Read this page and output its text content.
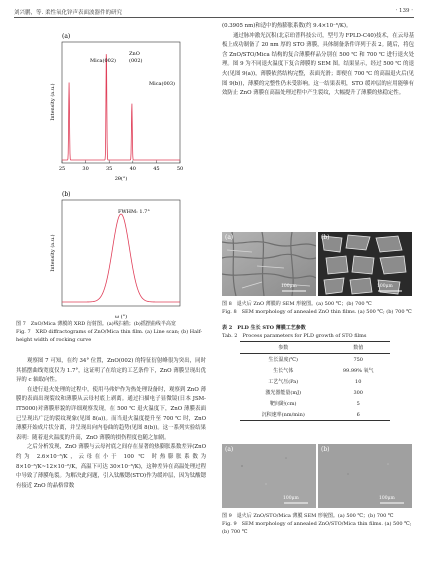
刘兴鹏，等. 柔性氧化锌声表面波器件的研究	· 139 ·
(a)
Mica(002)
ZnO
(002)
Mica(003)
25	30	35	40	45	50
2θ(°)
Intensity (a.u.)
(b)
FWHM: 1.7°
ω (°)
Intensity (a.u.)

图 7　ZnO/Mica 薄膜的 XRD 衍射图。(a)线扫描；(b)摇摆曲线半高宽

Fig. 7　XRD diffractograms of ZnO/Mica thin film. (a) Line scan; (b) Half-height width of rocking curve

观察图 7 可知，在约 34° 位置，ZnO(002) 的特征衍射峰很为突出，同时其摇摆曲线宽度仅为 1.7°，这证明了在给定的工艺条件下，ZnO 薄膜呈现出优异的 c 轴取向性。

在进行退火处理的过程中，使用马弗炉作为热处理设备时，观察到 ZnO 薄膜的表面出现裂纹和薄膜从云母衬底上剥离。通过扫描电子显微镜(日本 JSM-IT5000)对薄膜形貌的详细观察发现，在 500 ℃ 退火温度下，ZnO 薄膜表面已呈现出广泛的裂纹现象(见图 8(a))。而当退火温度提升至 700 ℃ 时，ZnO 薄膜开始成片状分离，并呈现出向内卷曲的趋势(见图 8(b))。这一系列实验结果表明：随着退火温度的升高，ZnO 薄膜的損伤程度也随之加剧。

之后分析发现，ZnO 薄膜与云母衬底之间存在显著的热膨胀系数差异(ZnO 约为 2.6×10⁻⁶/K，云母在小于 100 ℃ 时热膨胀系数为 8×10⁻⁶/K~12×10⁻⁶/K，高温下可达 30×10⁻⁶/K)，这种差异在高温处理过程中导致了薄膜龟裂。为解决此问题，引入钛酸锶(STO)作为缓冲层，因为钛酸锶有接近 ZnO 的晶格常数

(0.3905 nm)和适中的热膨胀系数(约 9.4×10⁻⁶/K)。

通过脉冲激光沉积(北京珀普科技公司，型号为 FPLD-C40)技术，在云母基板上成功制备了 20 nm 厚的 STO 薄膜，具体制备条件详列于表 2。随后，将包含 ZnO/STO/Mica 结构的复合薄膜样品分别在 500 ℃ 和 700 ℃ 进行退火处理。图 9 为不同退火温度下复合薄膜的 SEM 图。结果显示，经过 500 ℃ 的退火(见图 9(a))，薄膜依然结构完整，表面光滑；即便在 700 ℃ 的高温退火后(见图 9(b))，薄膜的完整性仍未受影响。这一结果表明，STO 缓冲层的应用能够有效防止 ZnO 薄膜在高温处理过程中产生裂纹，大幅提升了薄膜的热稳定性。

(a)
100μm
(b)
100μm

图 8　退火后 ZnO 薄膜的 SEM 形貌图。(a) 500 ℃；(b) 700 ℃

Fig. 8　SEM morphology of annealed ZnO thin films. (a) 500 ℃; (b) 700 ℃

表 2　PLD 生长 STO 薄膜工艺参数

Tab. 2　Process parameters for PLD growth of STO films

参数	数值
生长温度(℃)	750
生长气体	99.99% 氧气
工艺气压(Pa)	10
激光器能量(mJ)	300
靶间距(cm)	5
沉积速率(nm/min)	6
(a)
100μm
(b)
100μm

图 9　退火后 ZnO/STO/Mica 薄膜 SEM 形貌图。(a) 500 ℃；(b) 700 ℃

Fig. 9　SEM morphology of annealed ZnO/STO/Mica thin films. (a) 500 ℃; (b) 700 ℃
